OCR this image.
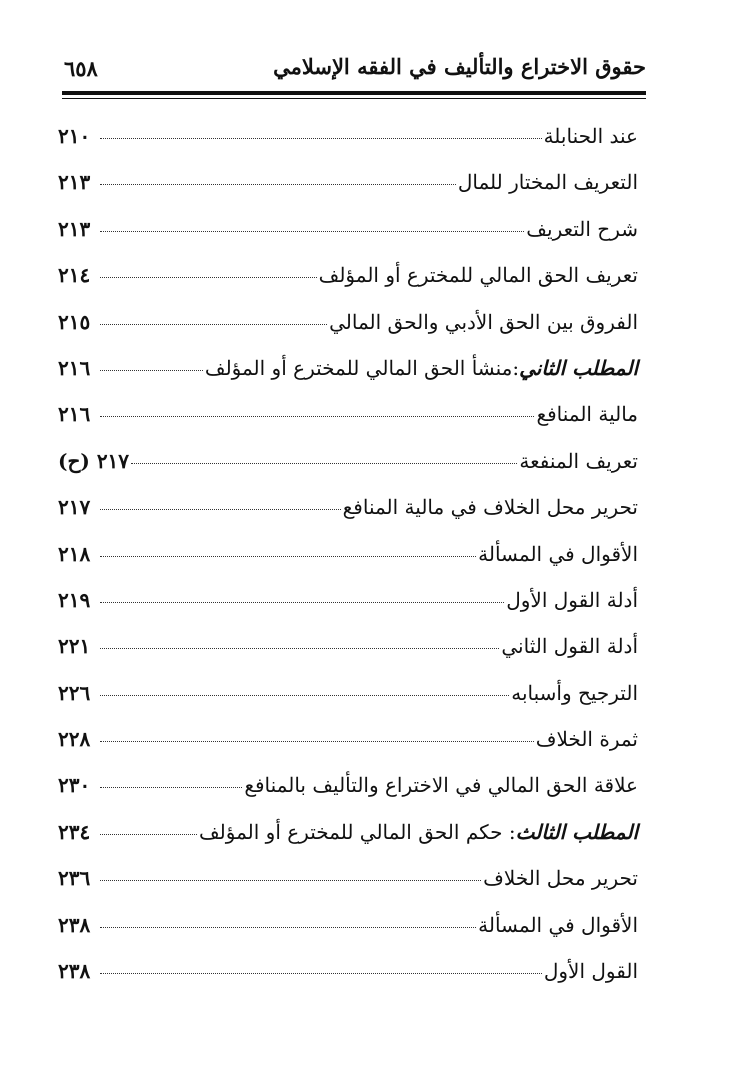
حقوق الاختراع والتأليف في الفقه الإسلامي
٦٥٨
عند الحنابلة
٢١٠
التعريف المختار للمال
٢١٣
شرح التعريف
٢١٣
تعريف الحق المالي للمخترع أو المؤلف
٢١٤
الفروق بين الحق الأدبي والحق المالي
٢١٥
المطلب الثاني:منشأ الحق المالي للمخترع أو المؤلف
٢١٦
مالية المنافع
٢١٦
تعريف المنفعة
٢١٧ (ح)
تحرير محل الخلاف في مالية المنافع
٢١٧
الأقوال في المسألة
٢١٨
أدلة القول الأول
٢١٩
أدلة القول الثاني
٢٢١
الترجيح وأسبابه
٢٢٦
ثمرة الخلاف
٢٢٨
علاقة الحق المالي في الاختراع والتأليف بالمنافع
٢٣٠
المطلب الثالث: حكم الحق المالي للمخترع أو المؤلف
٢٣٤
تحرير محل الخلاف
٢٣٦
الأقوال في المسألة
٢٣٨
القول الأول
٢٣٨
